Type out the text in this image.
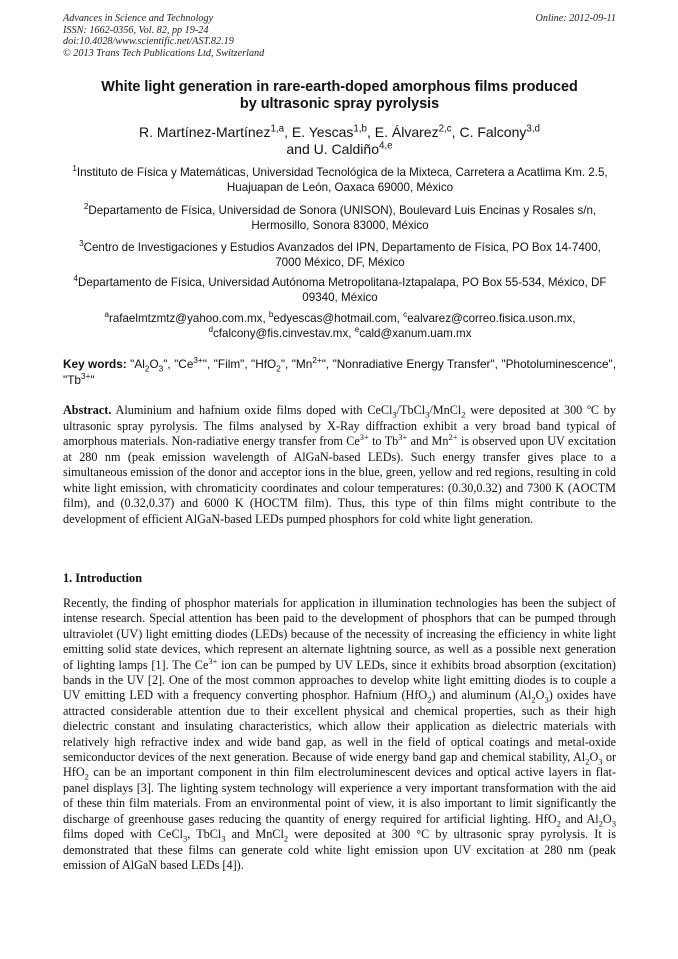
Advances in Science and Technology
ISSN: 1662-0356, Vol. 82, pp 19-24
doi:10.4028/www.scientific.net/AST.82.19
© 2013 Trans Tech Publications Ltd, Switzerland
Online: 2012-09-11
White light generation in rare-earth-doped amorphous films produced
by ultrasonic spray pyrolysis
R. Martínez-Martínez$^{1,a}$, E. Yescas$^{1,b}$, E. Álvarez$^{2,c}$, C. Falcony$^{3,d}$
and U. Caldiño$^{4,e}$
$^1$Instituto de Física y Matemáticas, Universidad Tecnológica de la Mixteca, Carretera a Acatlima Km. 2.5, Huajuapan de León, Oaxaca 69000, México
$^2$Departamento de Física, Universidad de Sonora (UNISON), Boulevard Luis Encinas y Rosales s/n, Hermosillo, Sonora 83000, México
$^3$Centro de Investigaciones y Estudios Avanzados del IPN, Departamento de Física, PO Box 14-7400, 7000 México, DF, México
$^4$Departamento de Física, Universidad Autónoma Metropolitana-Iztapalapa, PO Box 55-534, México, DF 09340, México
$^a$rafaelmtzmtz@yahoo.com.mx, $^b$edyescas@hotmail.com, $^c$ealvarez@correo.fisica.uson.mx,
$^d$cfalcony@fis.cinvestav.mx, $^e$cald@xanum.uam.mx
Key words: "$Al_2O_3$", "$Ce^{3+}$", "Film", "HfO$_2$", "$Mn^{2+}$", "Nonradiative Energy Transfer", "Photoluminescence", "$Tb^{3+}$"
Abstract. Aluminium and hafnium oxide films doped with CeCl$_3$/TbCl$_3$/MnCl$_2$ were deposited at 300 ºC by ultrasonic spray pyrolysis. The films analysed by X-Ray diffraction exhibit a very broad band typical of amorphous materials. Non-radiative energy transfer from $Ce^{3+}$ to $Tb^{3+}$ and $Mn^{2+}$ is observed upon UV excitation at 280 nm (peak emission wavelength of AlGaN-based LEDs). Such energy transfer gives place to a simultaneous emission of the donor and acceptor ions in the blue, green, yellow and red regions, resulting in cold white light emission, with chromaticity coordinates and colour temperatures: (0.30,0.32) and 7300 K (AOCTM film), and (0.32,0.37) and 6000 K (HOCTM film). Thus, this type of thin films might contribute to the development of efficient AlGaN-based LEDs pumped phosphors for cold white light generation.
1. Introduction
Recently, the finding of phosphor materials for application in illumination technologies has been the subject of intense research. Special attention has been paid to the development of phosphors that can be pumped through ultraviolet (UV) light emitting diodes (LEDs) because of the necessity of increasing the efficiency in white light emitting solid state devices, which represent an alternate lightning source, as well as a possible next generation of lighting lamps [1]. The $Ce^{3+}$ ion can be pumped by UV LEDs, since it exhibits broad absorption (excitation) bands in the UV [2]. One of the most common approaches to develop white light emitting diodes is to couple a UV emitting LED with a frequency converting phosphor. Hafnium (HfO$_2$) and aluminum $(Al_2O_3)$ oxides have attracted considerable attention due to their excellent physical and chemical properties, such as their high dielectric constant and insulating characteristics, which allow their application as dielectric materials with relatively high refractive index and wide band gap, as well in the field of optical coatings and metal-oxide semiconductor devices of the next generation. Because of wide energy band gap and chemical stability, $Al_2O_3$ or HfO$_2$ can be an important component in thin film electroluminescent devices and optical active layers in flat-panel displays [3]. The lighting system technology will experience a very important transformation with the aid of these thin film materials. From an environmental point of view, it is also important to limit significantly the discharge of greenhouse gases reducing the quantity of energy required for artificial lighting. HfO$_2$ and $Al_2O_3$ films doped with CeCl$_3$, TbCl$_3$ and MnCl$_2$ were deposited at 300 °C by ultrasonic spray pyrolysis. It is demonstrated that these films can generate cold white light emission upon UV excitation at 280 nm (peak emission of AlGaN based LEDs [4]).
